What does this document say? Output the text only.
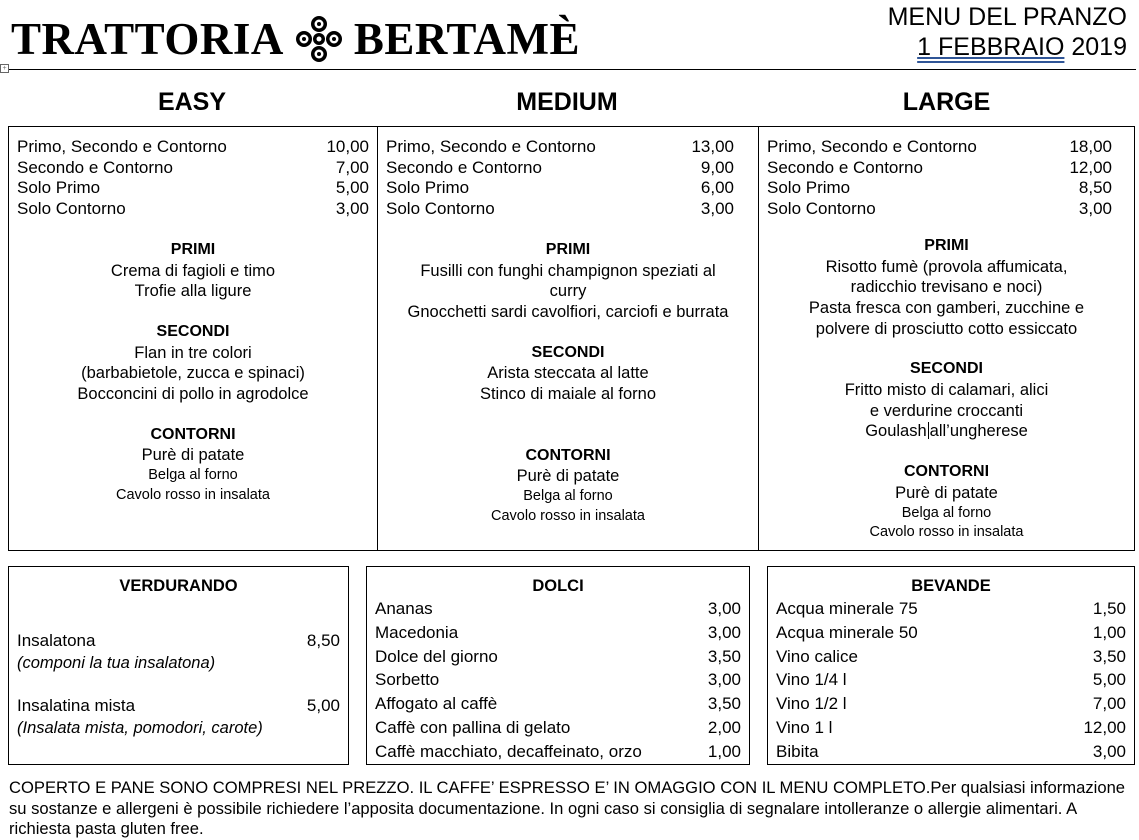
TRATTORIA BERTAMÈ	MENU DEL PRANZO
1 FEBBRAIO 2019
+
EASY	MEDIUM	LARGE
Primo, Secondo e Contorno	10,00
Secondo e Contorno	7,00
Solo Primo	5,00
Solo Contorno	3,00
PRIMI
Crema di fagioli e timo
Trofie alla ligure
SECONDI
Flan in tre colori
(barbabietole, zucca e spinaci)
Bocconcini di pollo in agrodolce
CONTORNI
Purè di patate
Belga al forno
Cavolo rosso in insalata
Primo, Secondo e Contorno	13,00
Secondo e Contorno	9,00
Solo Primo	6,00
Solo Contorno	3,00
PRIMI
Fusilli con funghi champignon speziati al
curry
Gnocchetti sardi cavolfiori, carciofi e burrata
SECONDI
Arista steccata al latte
Stinco di maiale al forno
CONTORNI
Purè di patate
Belga al forno
Cavolo rosso in insalata
Primo, Secondo e Contorno	18,00
Secondo e Contorno	12,00
Solo Primo	8,50
Solo Contorno	3,00
PRIMI
Risotto fumè (provola affumicata,
radicchio trevisano e noci)
Pasta fresca con gamberi, zucchine e
polvere di prosciutto cotto essiccato
SECONDI
Fritto misto di calamari, alici
e verdurine croccanti
Goulash all’ungherese
CONTORNI
Purè di patate
Belga al forno
Cavolo rosso in insalata
VERDURANDO
Insalatona	8,50
(componi la tua insalatona)
Insalatina mista	5,00
(Insalata mista, pomodori, carote)
DOLCI
Ananas	3,00
Macedonia	3,00
Dolce del giorno	3,50
Sorbetto	3,00
Affogato al caffè	3,50
Caffè con pallina di gelato	2,00
Caffè macchiato, decaffeinato, orzo	1,00
BEVANDE
Acqua minerale 75	1,50
Acqua minerale 50	1,00
Vino calice	3,50
Vino 1/4 l	5,00
Vino 1/2 l	7,00
Vino 1 l	12,00
Bibita	3,00
COPERTO E PANE SONO COMPRESI NEL PREZZO. IL CAFFE’ ESPRESSO E’ IN OMAGGIO CON IL MENU COMPLETO.Per qualsiasi informazione su sostanze e allergeni è possibile richiedere l’apposita documentazione. In ogni caso si consiglia di segnalare intolleranze o allergie alimentari. A richiesta pasta gluten free.
